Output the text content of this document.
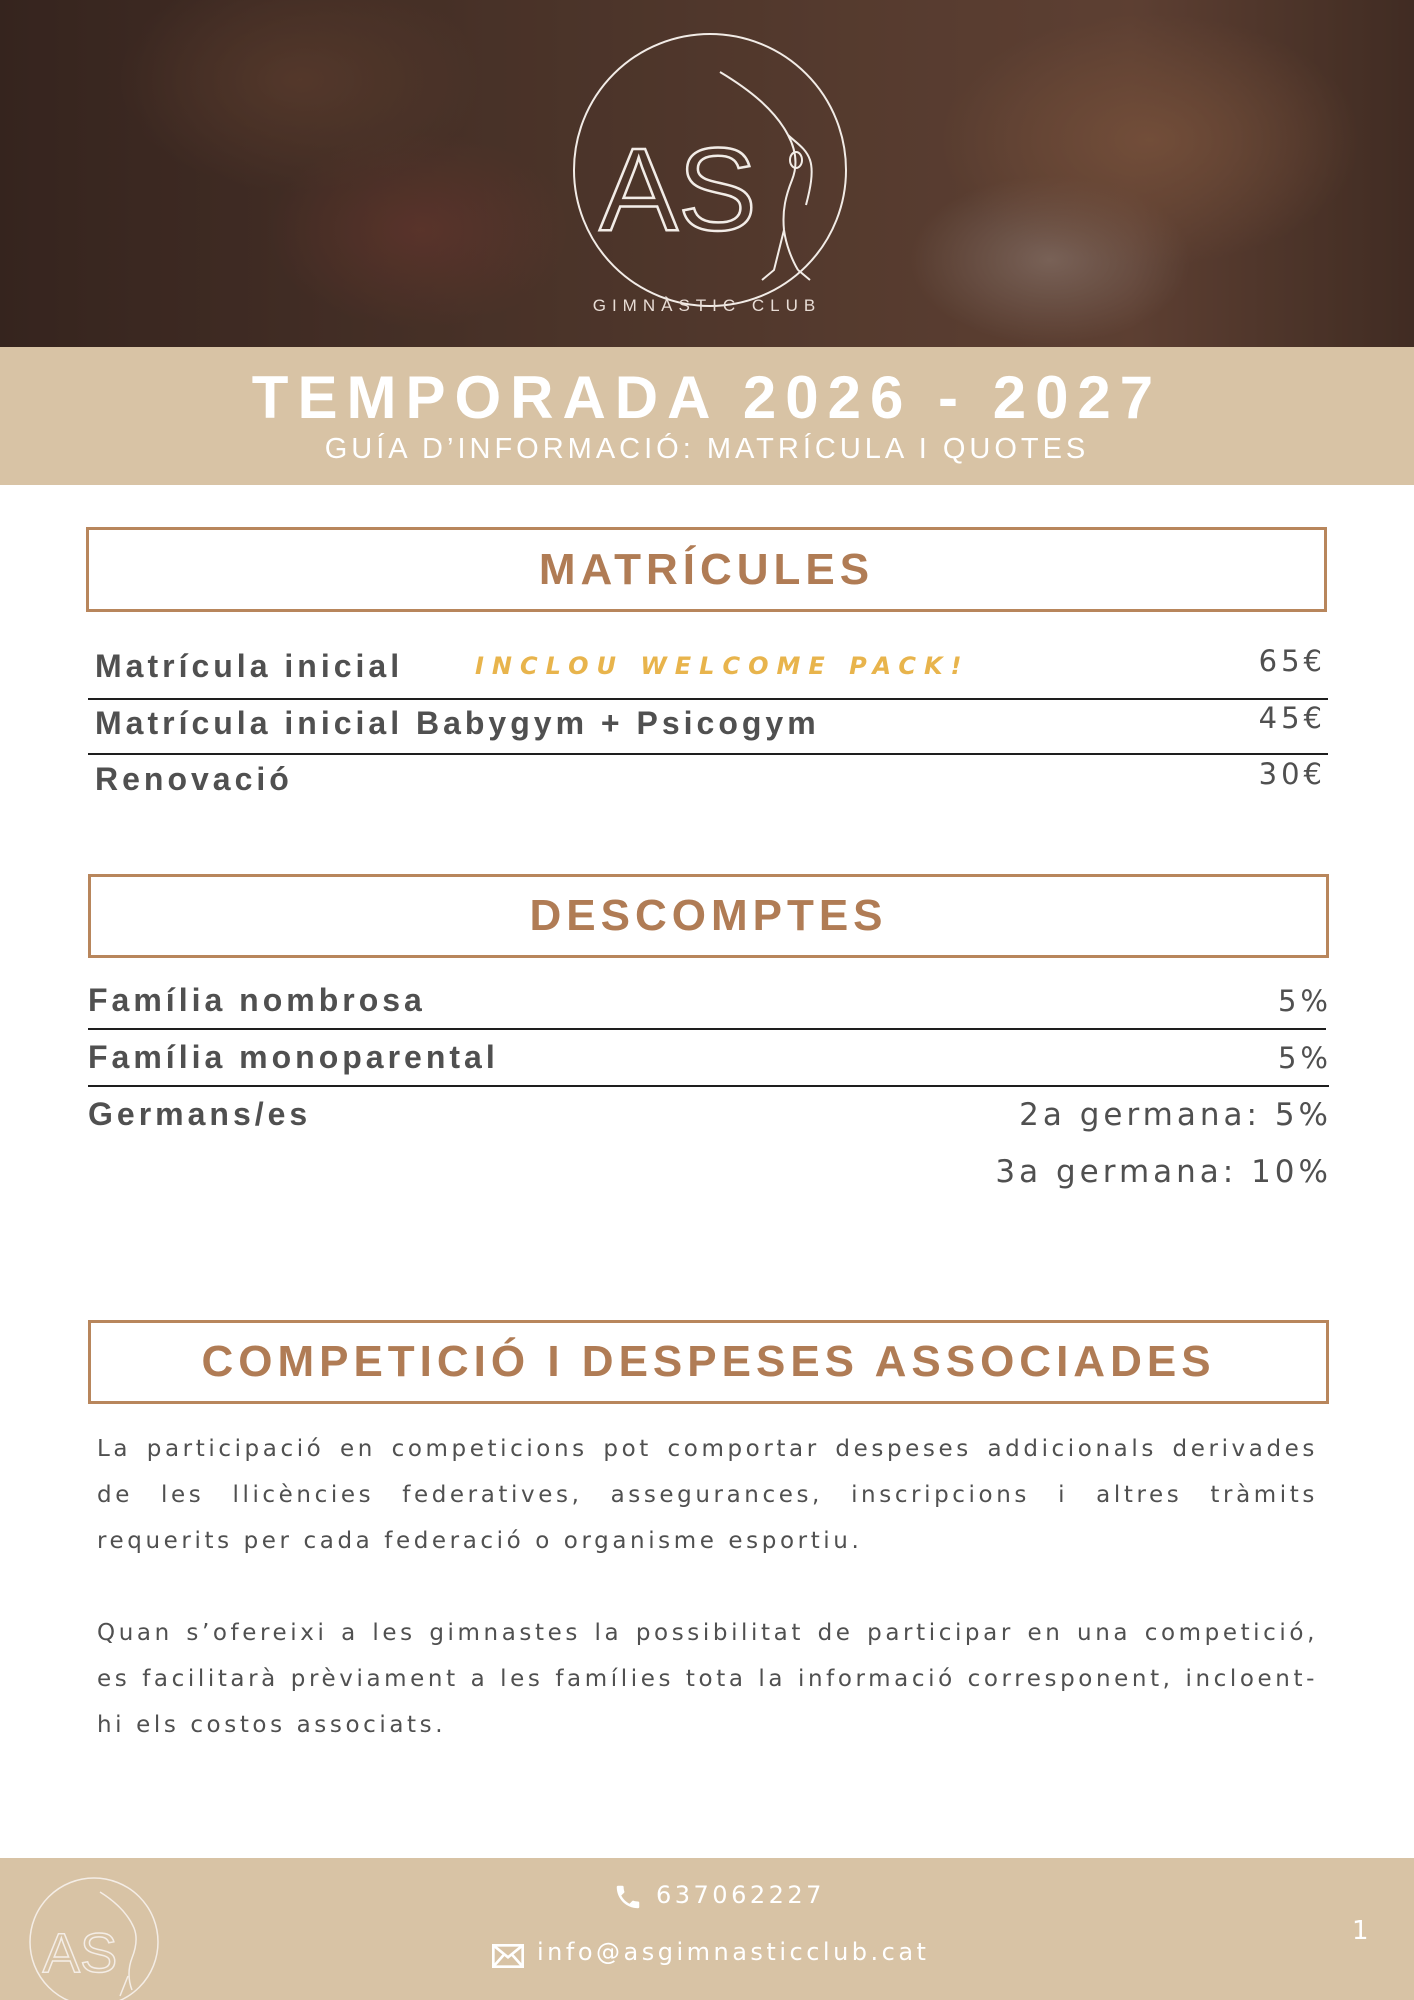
AS
GIMNÀSTIC CLUB
TEMPORADA 2026 - 2027
GUÍA D’INFORMACIÓ: MATRÍCULA I QUOTES
MATRÍCULES
Matrícula inicial	INCLOU WELCOME PACK!	65€
Matrícula inicial Babygym + Psicogym	45€
Renovació	30€
DESCOMPTES
Família nombrosa	5%
Família monoparental	5%
Germans/es	2a germana: 5%
3a germana: 10%
COMPETICIÓ I DESPESES ASSOCIADES

La participació en competicions pot comportar despeses addicionals derivades de les llicències federatives, assegurances, inscripcions i altres tràmits requerits per cada federació o organisme esportiu.

Quan s’ofereixi a les gimnastes la possibilitat de participar en una competició, es facilitarà prèviament a les famílies tota la informació corresponent, incloent-hi els costos associats.

AS
637062227
info@asgimnasticclub.cat
1
